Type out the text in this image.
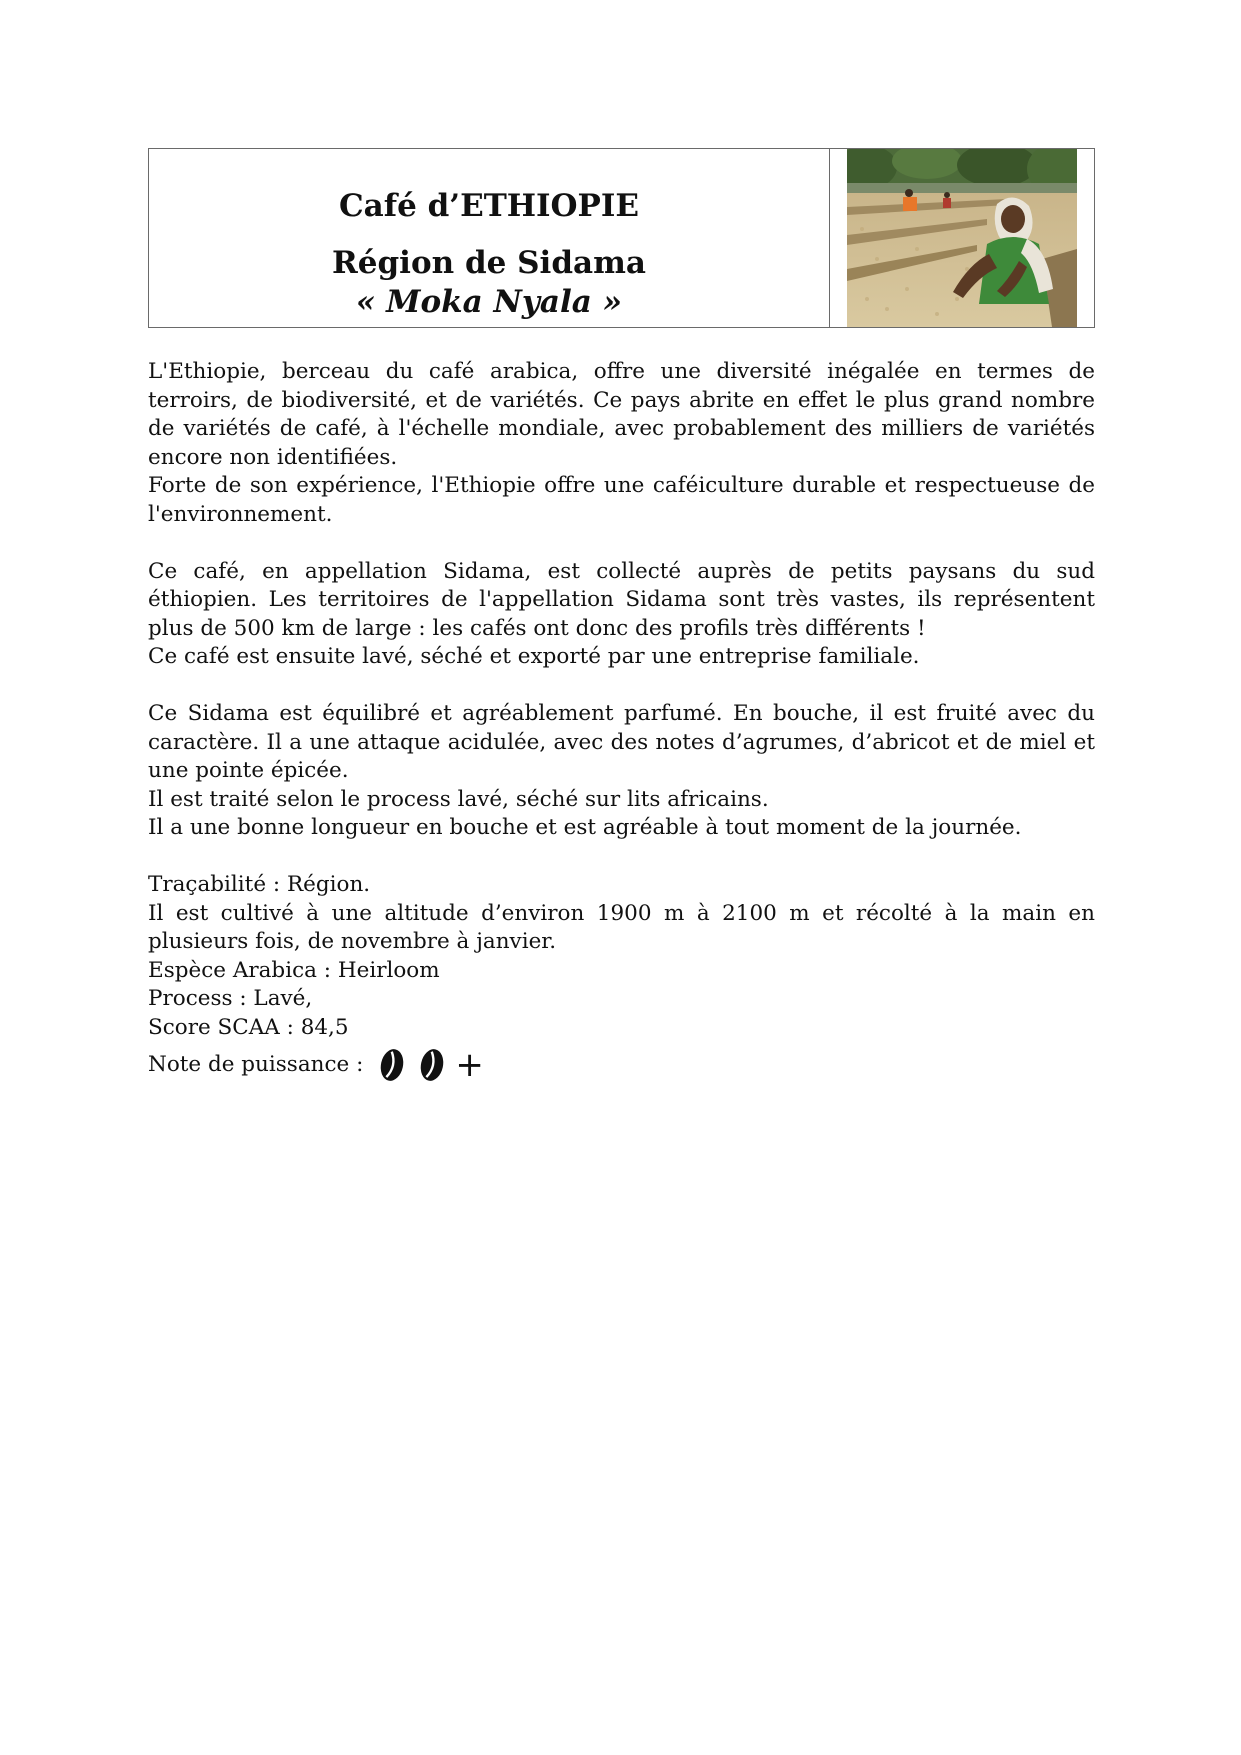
Café d’ETHIOPIE
Région de Sidama
« Moka Nyala »

L'Ethiopie, berceau du café arabica, offre une diversité inégalée en termes de terroirs, de biodiversité, et de variétés. Ce pays abrite en effet le plus grand nombre de variétés de café, à l'échelle mondiale, avec probablement des milliers de variétés encore non identifiées.

Forte de son expérience, l'Ethiopie offre une caféiculture durable et respectueuse de l'environnement.

Ce café, en appellation Sidama, est collecté auprès de petits paysans du sud éthiopien. Les territoires de l'appellation Sidama sont très vastes, ils représentent plus de 500 km de large : les cafés ont donc des profils très différents !

Ce café est ensuite lavé, séché et exporté par une entreprise familiale.

Ce Sidama est équilibré et agréablement parfumé. En bouche, il est fruité avec du caractère. Il a une attaque acidulée, avec des notes d’agrumes, d’abricot et de miel et une pointe épicée.

Il est traité selon le process lavé, séché sur lits africains.

Il a une bonne longueur en bouche et est agréable à tout moment de la journée.

Traçabilité : Région.

Il est cultivé à une altitude d’environ 1900 m à 2100 m et récolté à la main en plusieurs fois, de novembre à janvier.

Espèce Arabica : Heirloom

Process : Lavé,

Score SCAA : 84,5

Note de puissance :	+
